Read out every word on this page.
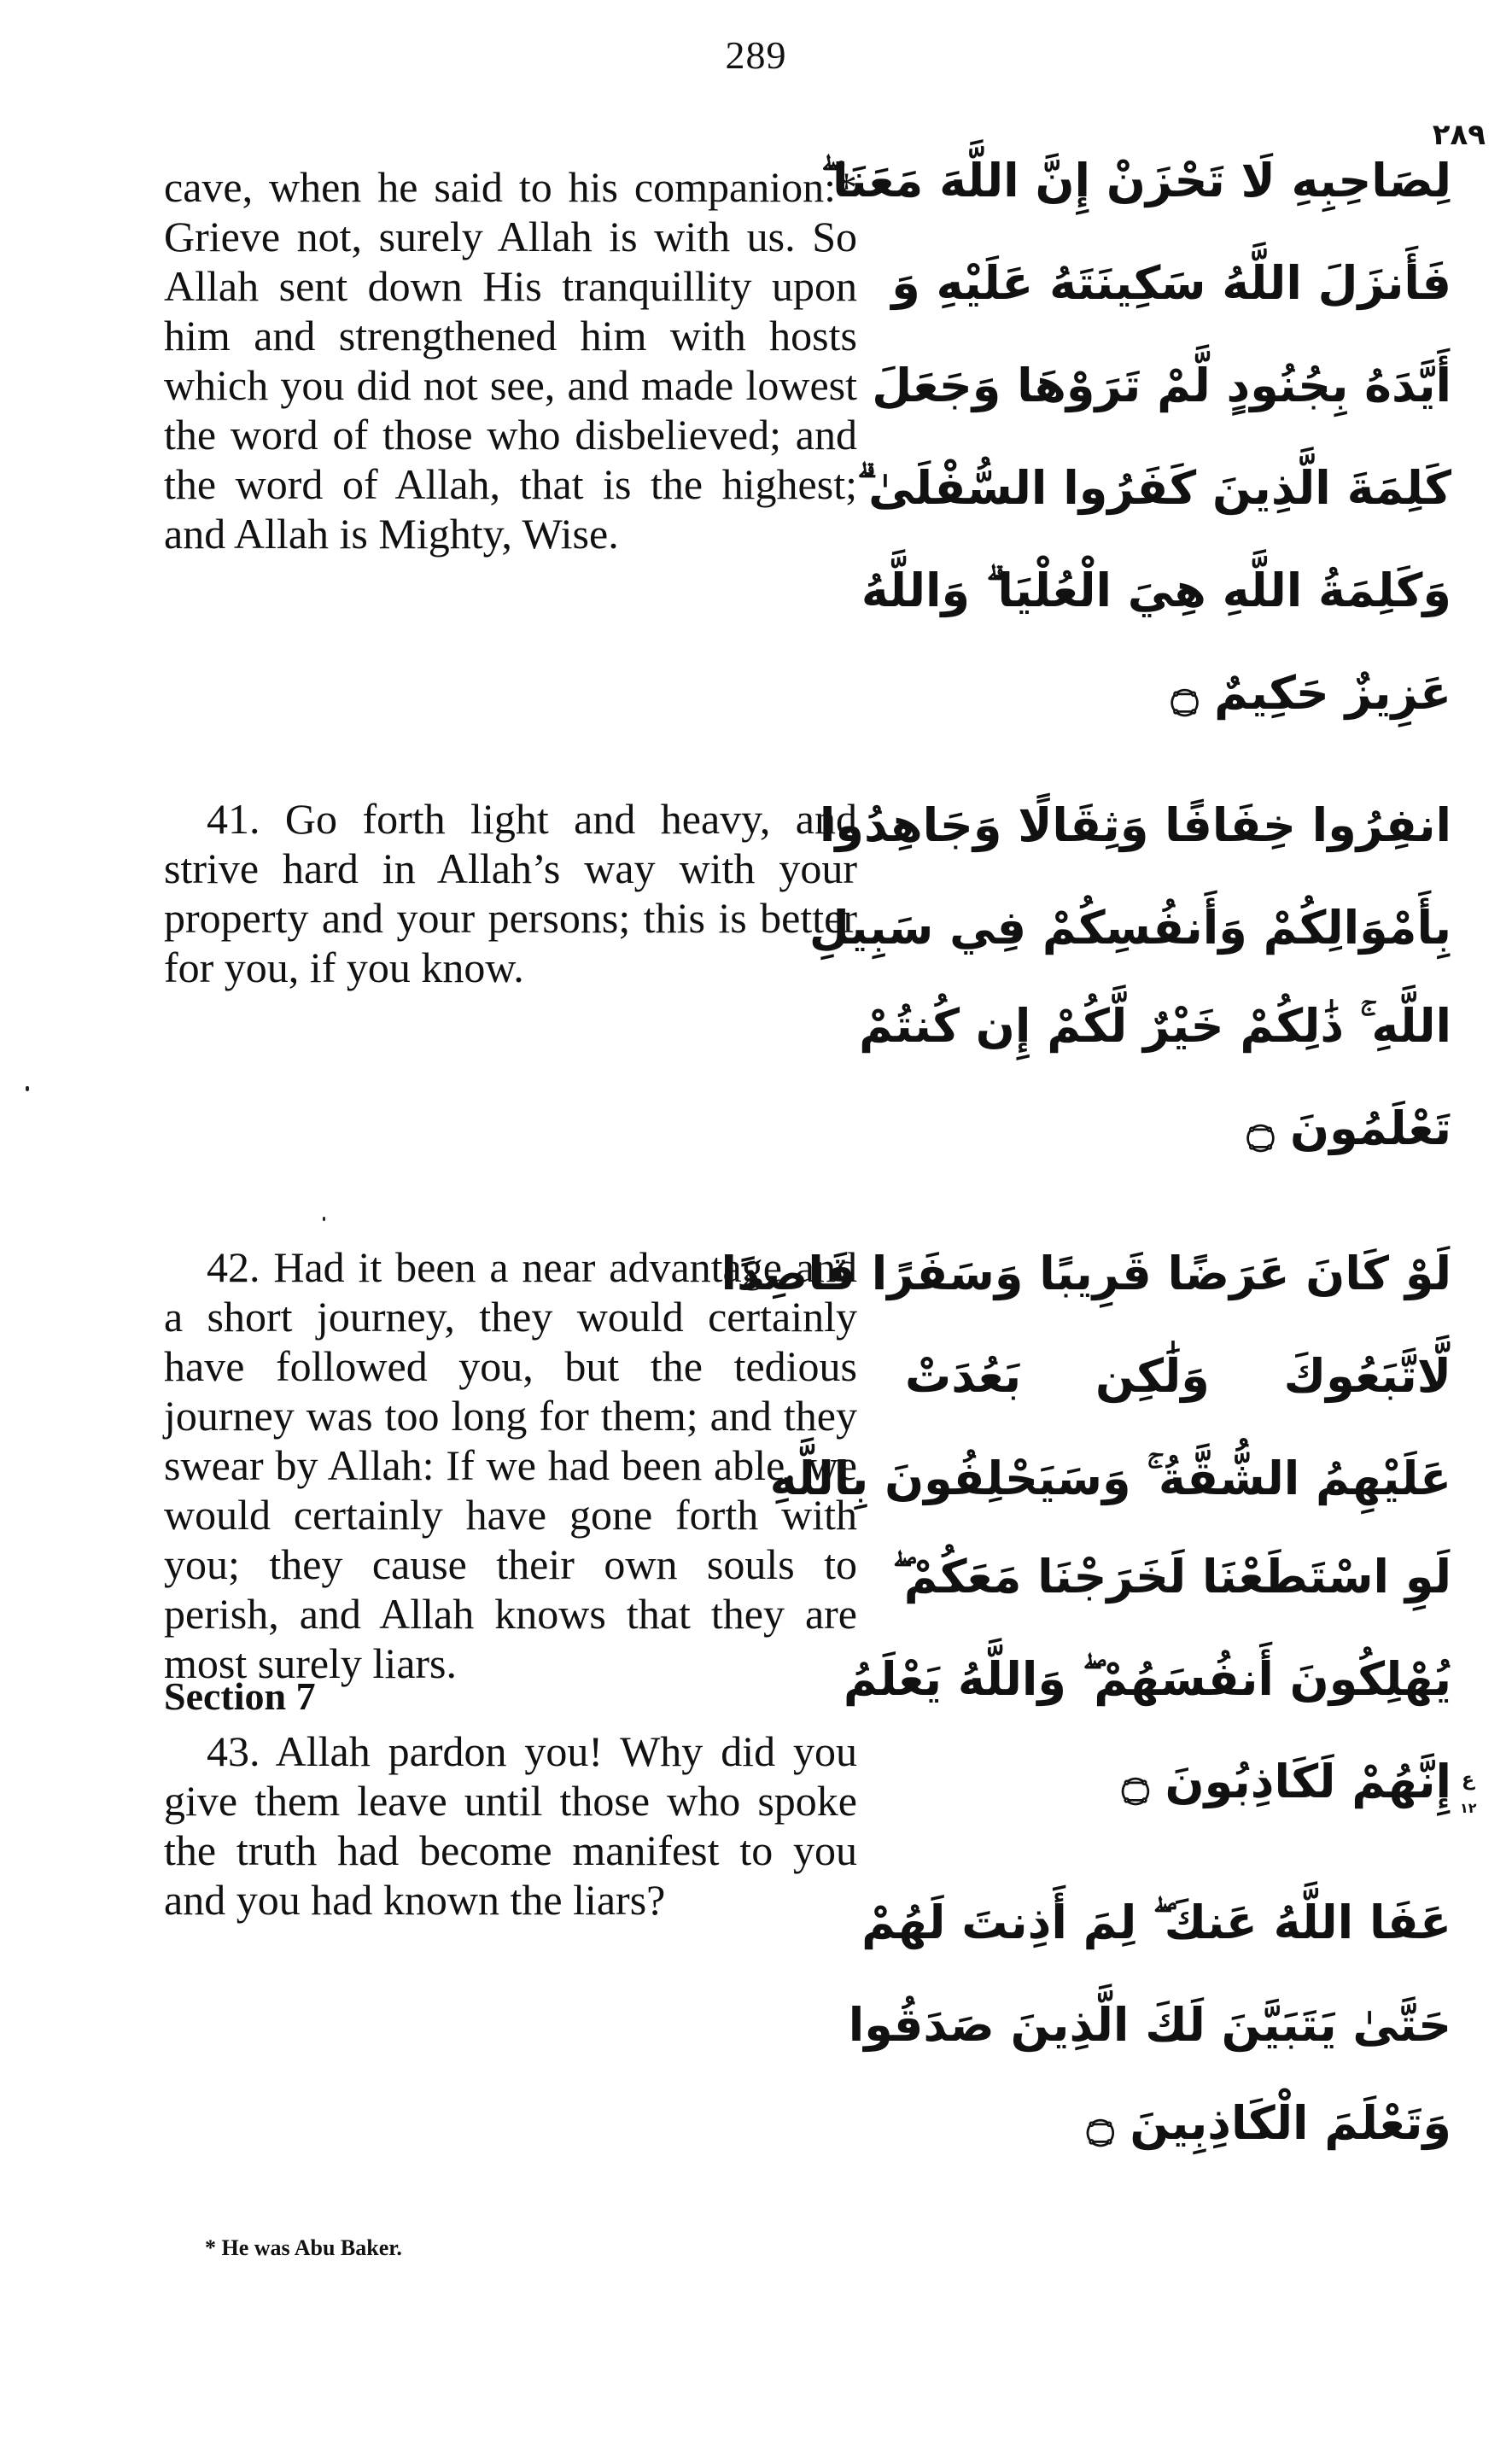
289
٢٨٩

cave, when he said to his companion:* Grieve not, surely Allah is with us. So Allah sent down His tranquillity upon him and strengthened him with hosts which you did not see, and made lowest the word of those who disbelieved; and the word of Allah, that is the highest; and Allah is Mighty, Wise.

41. Go forth light and heavy, and strive hard in Allah’s way with your property and your persons; this is better for you, if you know.

42. Had it been a near advantage and a short journey, they would certainly have followed you, but the tedious journey was too long for them; and they swear by Allah: If we had been able, we would certainly have gone forth with you; they cause their own souls to perish, and Allah knows that they are most surely liars.

Section 7

43. Allah pardon you! Why did you give them leave until those who spoke the truth had become manifest to you and you had known the liars?

لِصَاحِبِهِ لَا تَحْزَنْ إِنَّ اللَّهَ مَعَنَا ۖ
فَأَنزَلَ اللَّهُ سَكِينَتَهُ عَلَيْهِ وَ
أَيَّدَهُ بِجُنُودٍ لَّمْ تَرَوْهَا وَجَعَلَ
كَلِمَةَ الَّذِينَ كَفَرُوا السُّفْلَىٰ ۗ
وَكَلِمَةُ اللَّهِ هِيَ الْعُلْيَا ۗ وَاللَّهُ
عَزِيزٌ حَكِيمٌ ۝
انفِرُوا خِفَافًا وَثِقَالًا وَجَاهِدُوا
بِأَمْوَالِكُمْ وَأَنفُسِكُمْ فِي سَبِيلِ
اللَّهِ ۚ ذَٰلِكُمْ خَيْرٌ لَّكُمْ إِن كُنتُمْ
تَعْلَمُونَ ۝
لَوْ كَانَ عَرَضًا قَرِيبًا وَسَفَرًا قَاصِدًا
لَّاتَّبَعُوكَ وَلَٰكِن بَعُدَتْ
عَلَيْهِمُ الشُّقَّةُ ۚ وَسَيَحْلِفُونَ بِاللَّهِ
لَوِ اسْتَطَعْنَا لَخَرَجْنَا مَعَكُمْ ۖ
يُهْلِكُونَ أَنفُسَهُمْ ۖ وَاللَّهُ يَعْلَمُ
إِنَّهُمْ لَكَاذِبُونَ ۝
عَفَا اللَّهُ عَنكَ ۖ لِمَ أَذِنتَ لَهُمْ
حَتَّىٰ يَتَبَيَّنَ لَكَ الَّذِينَ صَدَقُوا
وَتَعْلَمَ الْكَاذِبِينَ ۝
ع
١٢
* He was Abu Baker.
